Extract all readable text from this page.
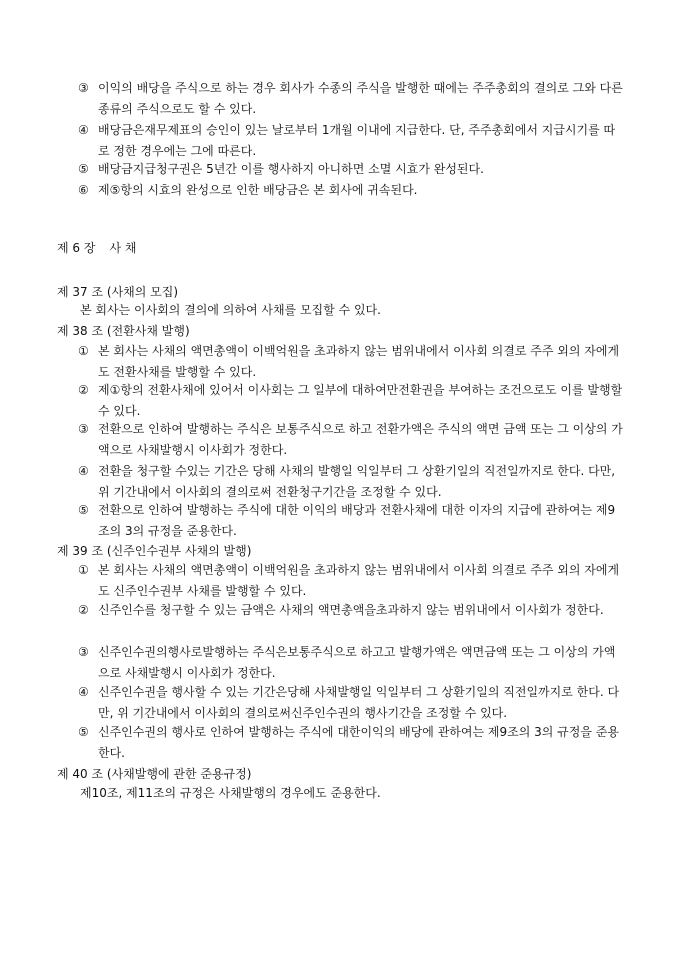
③ 이익의 배당을 주식으로 하는 경우 회사가 수종의 주식을 발행한 때에는 주주총회의 결의로 그와 다른 종류의 주식으로도 할 수 있다.
④ 배당금은재무제표의 승인이 있는 날로부터 1개월 이내에 지급한다. 단, 주주총회에서 지급시기를 따로 정한 경우에는 그에 따른다.
⑤ 배당금지급청구권은 5년간 이를 행사하지 아니하면 소멸 시효가 완성된다.
⑥ 제⑤항의 시효의 완성으로 인한 배당금은 본 회사에 귀속된다.
제 6 장 사 채
제 37 조 (사채의 모집)
본 회사는 이사회의 결의에 의하여 사채를 모집할 수 있다.
제 38 조 (전환사채 발행)
① 본 회사는 사채의 액면총액이 이백억원을 초과하지 않는 범위내에서 이사회 의결로 주주 외의 자에게도 전환사채를 발행할 수 있다.
② 제①항의 전환사채에 있어서 이사회는 그 일부에 대하여만전환권을 부여하는 조건으로도 이를 발행할 수 있다.
③ 전환으로 인하여 발행하는 주식은 보통주식으로 하고 전환가액은 주식의 액면 금액 또는 그 이상의 가액으로 사채발행시 이사회가 정한다.
④ 전환을 청구할 수있는 기간은 당해 사채의 발행일 익일부터 그 상환기일의 직전일까지로 한다. 다만,위 기간내에서 이사회의 결의로써 전환청구기간을 조정할 수 있다.
⑤ 전환으로 인하여 발행하는 주식에 대한 이익의 배당과 전환사채에 대한 이자의 지급에 관하여는 제9조의 3의 규정을 준용한다.
제 39 조 (신주인수권부 사채의 발행)
① 본 회사는 사채의 액면총액이 이백억원을 초과하지 않는 범위내에서 이사회 의결로 주주 외의 자에게도 신주인수권부 사채를 발행할 수 있다.
② 신주인수를 청구할 수 있는 금액은 사채의 액면총액을초과하지 않는 범위내에서 이사회가 정한다.
③ 신주인수권의행사로발행하는 주식은보통주식으로 하고고 발행가액은 액면금액 또는 그 이상의 가액으로 사채발행시 이사회가 정한다.
④ 신주인수권을 행사할 수 있는 기간은당해 사채발행일 익일부터 그 상환기일의 직전일까지로 한다. 다만, 위 기간내에서 이사회의 결의로써신주인수권의 행사기간을 조정할 수 있다.
⑤ 신주인수권의 행사로 인하여 발행하는 주식에 대한이익의 배당에 관하여는 제9조의 3의 규정을 준용한다.
제 40 조 (사채발행에 관한 준용규정)
제10조, 제11조의 규정은 사채발행의 경우에도 준용한다.
